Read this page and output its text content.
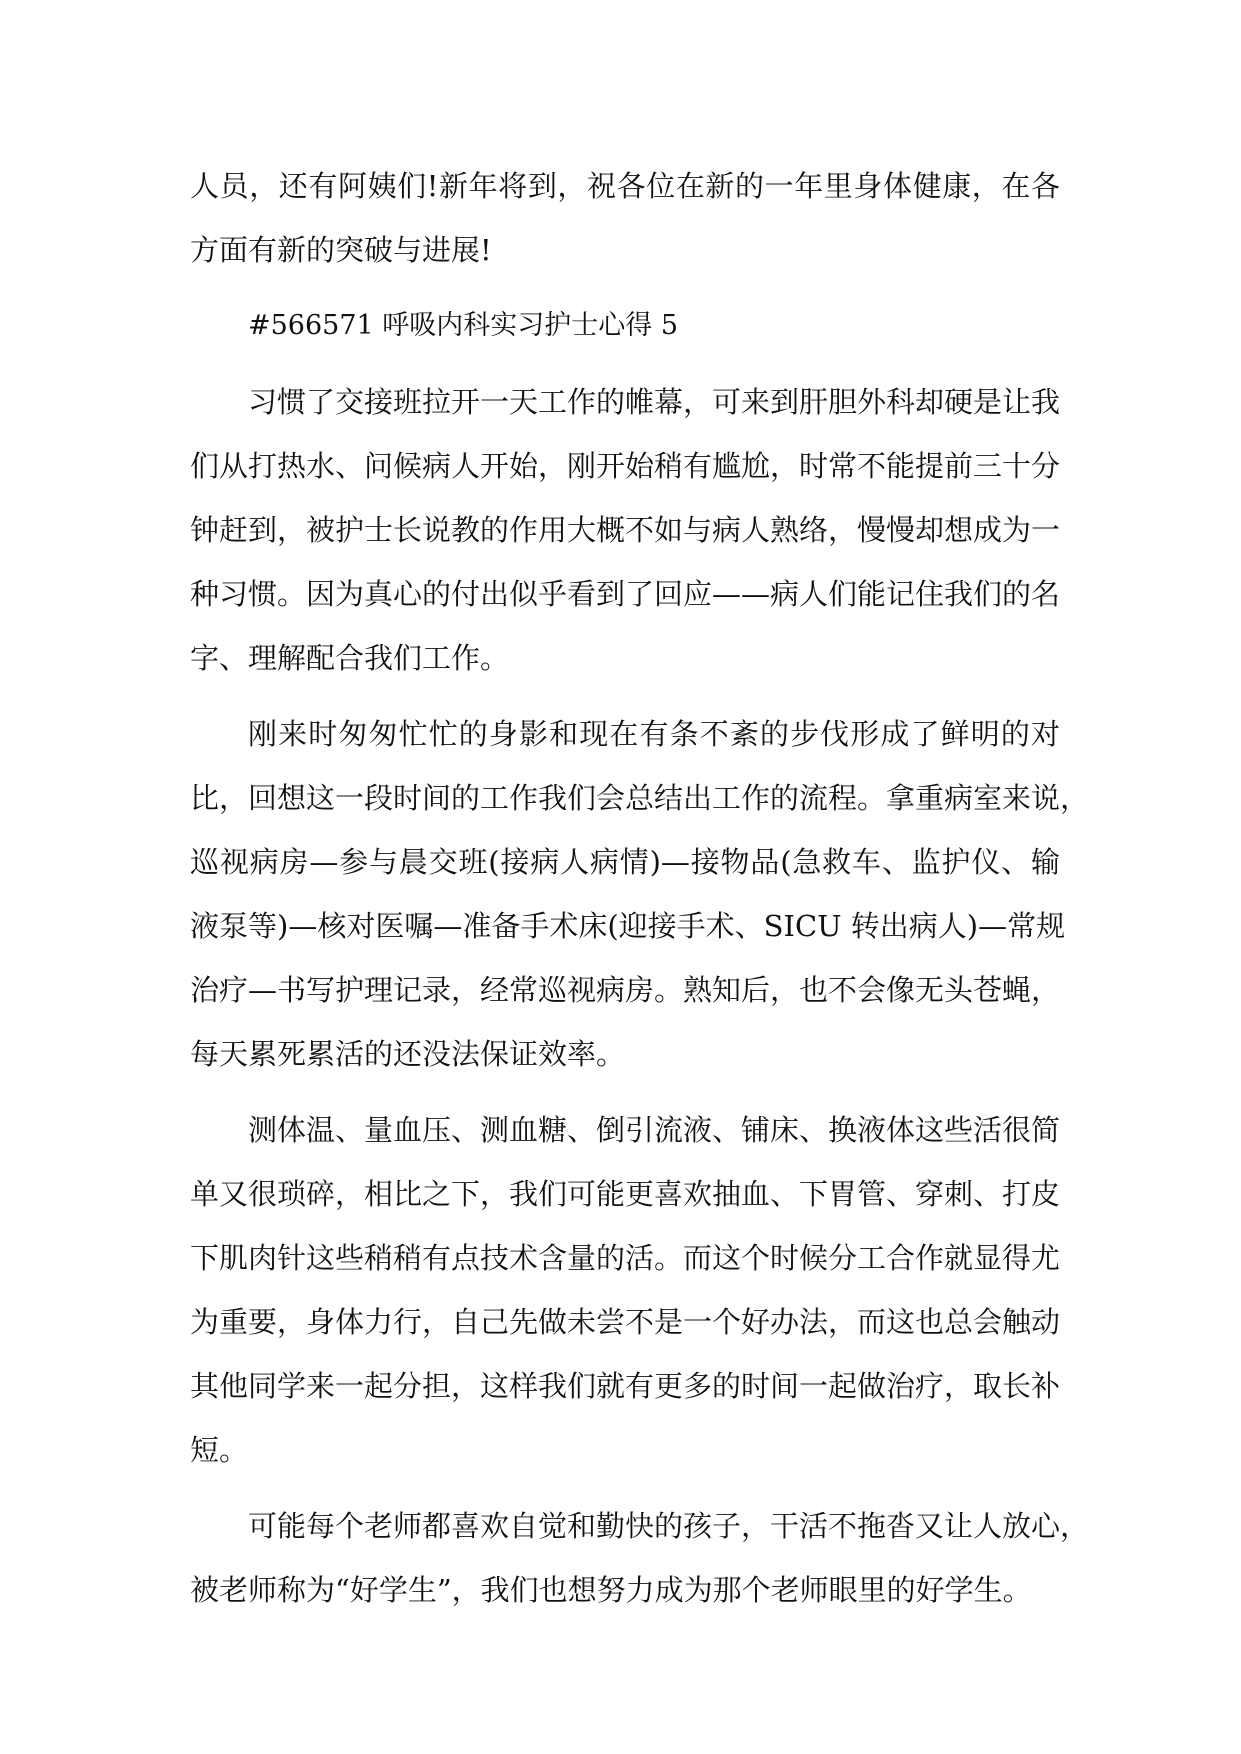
人员，还有阿姨们!新年将到，祝各位在新的一年里身体健康，在各
方面有新的突破与进展!
#566571 呼吸内科实习护士心得 5
习惯了交接班拉开一天工作的帷幕，可来到肝胆外科却硬是让我
们从打热水、问候病人开始，刚开始稍有尴尬，时常不能提前三十分
钟赶到，被护士长说教的作用大概不如与病人熟络，慢慢却想成为一
种习惯。因为真心的付出似乎看到了回应——病人们能记住我们的名
字、理解配合我们工作。
刚来时匆匆忙忙的身影和现在有条不紊的步伐形成了鲜明的对
比，回想这一段时间的工作我们会总结出工作的流程。拿重病室来说，
巡视病房—参与晨交班(接病人病情)—接物品(急救车、监护仪、输
液泵等)—核对医嘱—准备手术床(迎接手术、SICU 转出病人)—常规
治疗—书写护理记录，经常巡视病房。熟知后，也不会像无头苍蝇，
每天累死累活的还没法保证效率。
测体温、量血压、测血糖、倒引流液、铺床、换液体这些活很简
单又很琐碎，相比之下，我们可能更喜欢抽血、下胃管、穿刺、打皮
下肌肉针这些稍稍有点技术含量的活。而这个时候分工合作就显得尤
为重要，身体力行，自己先做未尝不是一个好办法，而这也总会触动
其他同学来一起分担，这样我们就有更多的时间一起做治疗，取长补
短。
可能每个老师都喜欢自觉和勤快的孩子，干活不拖沓又让人放心，
被老师称为“好学生”，我们也想努力成为那个老师眼里的好学生。
